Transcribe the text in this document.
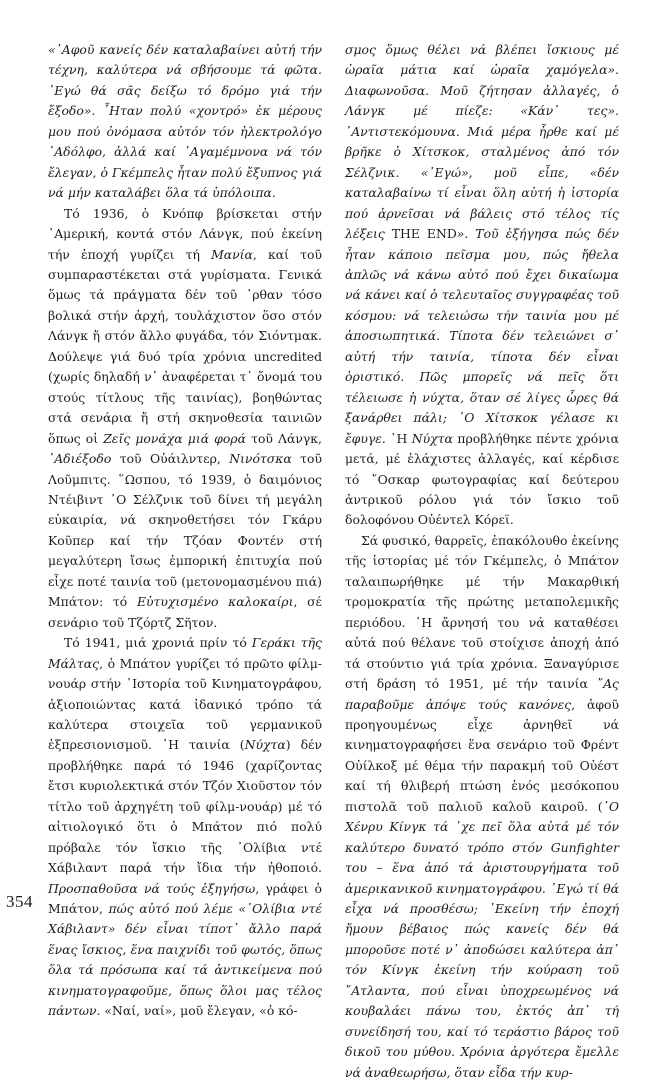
«᾿Αφοῦ κανείς δέν καταλαβαίνει αὐτή τήν τέχνη, καλύτερα νά σβήσουμε τά φῶτα. ᾿Εγώ θά σᾶς δείξω τό δρόμο γιά τήν ἔξοδο». ῏Ηταν πολύ «χοντρό» ἐκ μέρους μου πού ὀνόμασα αὐτόν τόν ἠλεκτρολόγο ᾿Αδόλφο, ἀλλά καί ᾿Αγαμέμνονα νά τόν ἔλεγαν, ὁ Γκέμπελς ἦταν πολύ ἔξυπνος γιά νά μήν καταλάβει ὅλα τά ὑπόλοιπα.

Τό 1936, ὁ Κνόπφ βρίσκεται στήν ᾿Αμερική, κοντά στόν Λάνγκ, πού ἐκείνη τήν ἐποχή γυρίζει τή Μανία, καί τοῦ συμπαραστέκεται στά γυρίσματα. Γενικά ὅμως τά πράγματα δέν τοῦ ῾ρθαν τόσο βολικά στήν ἀρχή, τουλάχιστον ὅσο στόν Λάνγκ ἤ στόν ἄλλο φυγάδα, τόν Σιόντμακ. Δούλεψε γιά δυό τρία χρόνια uncredited (χωρίς δηλαδή ν᾿ ἀναφέρεται τ᾿ ὄνομά του στούς τίτλους τῆς ταινίας), βοηθώντας στά σενάρια ἤ στή σκηνοθεσία ταινιῶν ὅπως οἱ Ζεῖς μονάχα μιά φορά τοῦ Λάνγκ, ᾿Αδιέξοδο τοῦ Οὐάιλντερ, Νινότσκα τοῦ Λοῦμπιτς. ῞Ωσπου, τό 1939, ὁ δαιμόνιος Ντέιβιντ ᾿Ο Σέλζνικ τοῦ δίνει τή μεγάλη εὐκαιρία, νά σκηνοθετήσει τόν Γκάρυ Κοῦπερ καί τήν Τζόαν Φοντέν στή μεγαλύτερη ἴσως ἐμπορική ἐπιτυχία πού εἶχε ποτέ ταινία τοῦ (μετονομασμένου πιά) Μπάτον: τό Εὐτυχισμένο καλοκαίρι, σέ σενάριο τοῦ Τζόρτζ Σῆτον.

Τό 1941, μιά χρονιά πρίν τό Γεράκι τῆς Μάλτας, ὁ Μπάτον γυρίζει τό πρῶτο φίλμ-νουάρ στήν ᾿Ιστορία τοῦ Κινηματογράφου, ἀξιοποιώντας κατά ἰδανικό τρόπο τά καλύτερα στοιχεῖα τοῦ γερμανικοῦ ἐξπρεσιονισμοῦ. ῾Η ταινία (Νύχτα) δέν προβλήθηκε παρά τό 1946 (χαρίζοντας ἔτσι κυριολεκτικά στόν Τζόν Χιοῦστον τόν τίτλο τοῦ ἀρχηγέτη τοῦ φίλμ-νουάρ) μέ τό αἰτιολογικό ὅτι ὁ Μπάτον πιό πολύ πρόβαλε τόν ἴσκιο τῆς ᾿Ολίβια ντέ Χάβιλαντ παρά τήν ἴδια τήν ἠθοποιό. Προσπαθοῦσα νά τούς ἐξηγήσω, γράφει ὁ Μπάτον, πώς αὐτό πού λέμε «᾿Ολίβια ντέ Χάβιλαντ» δέν εἶναι τίποτ᾿ ἄλλο παρά ἕνας ἴσκιος, ἕνα παιχνίδι τοῦ φωτός, ὅπως ὅλα τά πρόσωπα καί τά ἀντικείμενα πού κινηματογραφοῦμε, ὅπως ὅλοι μας τέλος πάντων. «Ναί, ναί», μοῦ ἔλεγαν, «ὁ κό-

σμος ὅμως θέλει νά βλέπει ἴσκιους μέ ὡραῖα μάτια καί ὡραῖα χαμόγελα». Διαφωνοῦσα. Μοῦ ζήτησαν ἀλλαγές, ὁ Λάνγκ μέ πίεζε: «Κάν᾿ τες». ᾿Αντιστεκόμουνα. Μιά μέρα ἦρθε καί μέ βρῆκε ὁ Χίτσκοκ, σταλμένος ἀπό τόν Σέλζνικ. «᾿Εγώ», μοῦ εἶπε, «δέν καταλαβαίνω τί εἶναι ὅλη αὐτή ἡ ἱστορία πού ἀρνεῖσαι νά βάλεις στό τέλος τίς λέξεις THE END». Τοῦ ἐξήγησα πώς δέν ἦταν κάποιο πεῖσμα μου, πώς ἤθελα ἁπλῶς νά κάνω αὐτό πού ἔχει δικαίωμα νά κάνει καί ὁ τελευταῖος συγγραφέας τοῦ κόσμου: νά τελειώσω τήν ταινία μου μέ ἀποσιωπητικά. Τίποτα δέν τελειώνει σ᾿ αὐτή τήν ταινία, τίποτα δέν εἶναι ὁριστικό. Πῶς μπορεῖς νά πεῖς ὅτι τέλειωσε ἡ νύχτα, ὅταν σέ λίγες ὧρες θά ξανάρθει πάλι; ᾿Ο Χίτσκοκ γέλασε κι ἔφυγε. ῾Η Νύχτα προβλήθηκε πέντε χρόνια μετά, μέ ἐλάχιστες ἀλλαγές, καί κέρδισε τό ῎Οσκαρ φωτογραφίας καί δεύτερου ἀντρικοῦ ρόλου γιά τόν ἴσκιο τοῦ δολοφόνου Οὐέντελ Κόρεϊ.

Σά φυσικό, θαρρεῖς, ἐπακόλουθο ἐκείνης τῆς ἱστορίας μέ τόν Γκέμπελς, ὁ Μπάτον ταλαιπωρήθηκε μέ τήν Μακαρθική τρομοκρατία τῆς πρώτης μεταπολεμικῆς περιόδου. ῾Η ἄρνησή του νά καταθέσει αὐτά πού θέλανε τοῦ στοίχισε ἀποχή ἀπό τά στούντιο γιά τρία χρόνια. Ξαναγύρισε στή δράση τό 1951, μέ τήν ταινία ῎Ας παραβοῦμε ἀπόψε τούς κανόνες, ἀφοῦ προηγουμένως εἶχε ἀρνηθεῖ νά κινηματογραφήσει ἕνα σενάριο τοῦ Φρέντ Οὐίλκοξ μέ θέμα τήν παρακμή τοῦ Οὐέστ καί τή θλιβερή πτώση ἑνός μεσόκοπου πιστολᾶ τοῦ παλιοῦ καλοῦ καιροῦ. (᾿Ο Χένρυ Κίνγκ τά ῾χε πεῖ ὅλα αὐτά μέ τόν καλύτερο δυνατό τρόπο στόν Gunfighter του – ἕνα ἀπό τά ἀριστουργήματα τοῦ ἀμερικανικοῦ κινηματογράφου. ᾿Εγώ τί θά εἶχα νά προσθέσω; ᾿Εκείνη τήν ἐποχή ἤμουν βέβαιος πώς κανείς δέν θά μποροῦσε ποτέ ν᾿ ἀποδώσει καλύτερα ἀπ᾿ τόν Κίνγκ ἐκείνη τήν κούραση τοῦ ῎Ατλαντα, πού εἶναι ὑποχρεωμένος νά κουβαλάει πάνω του, ἐκτός ἀπ᾿ τή συνείδησή του, καί τό τεράστιο βάρος τοῦ δικοῦ του μύθου. Χρόνια ἀργότερα ἔμελλε νά ἀναθεωρήσω, ὅταν εἶδα τήν κυρ-

354
